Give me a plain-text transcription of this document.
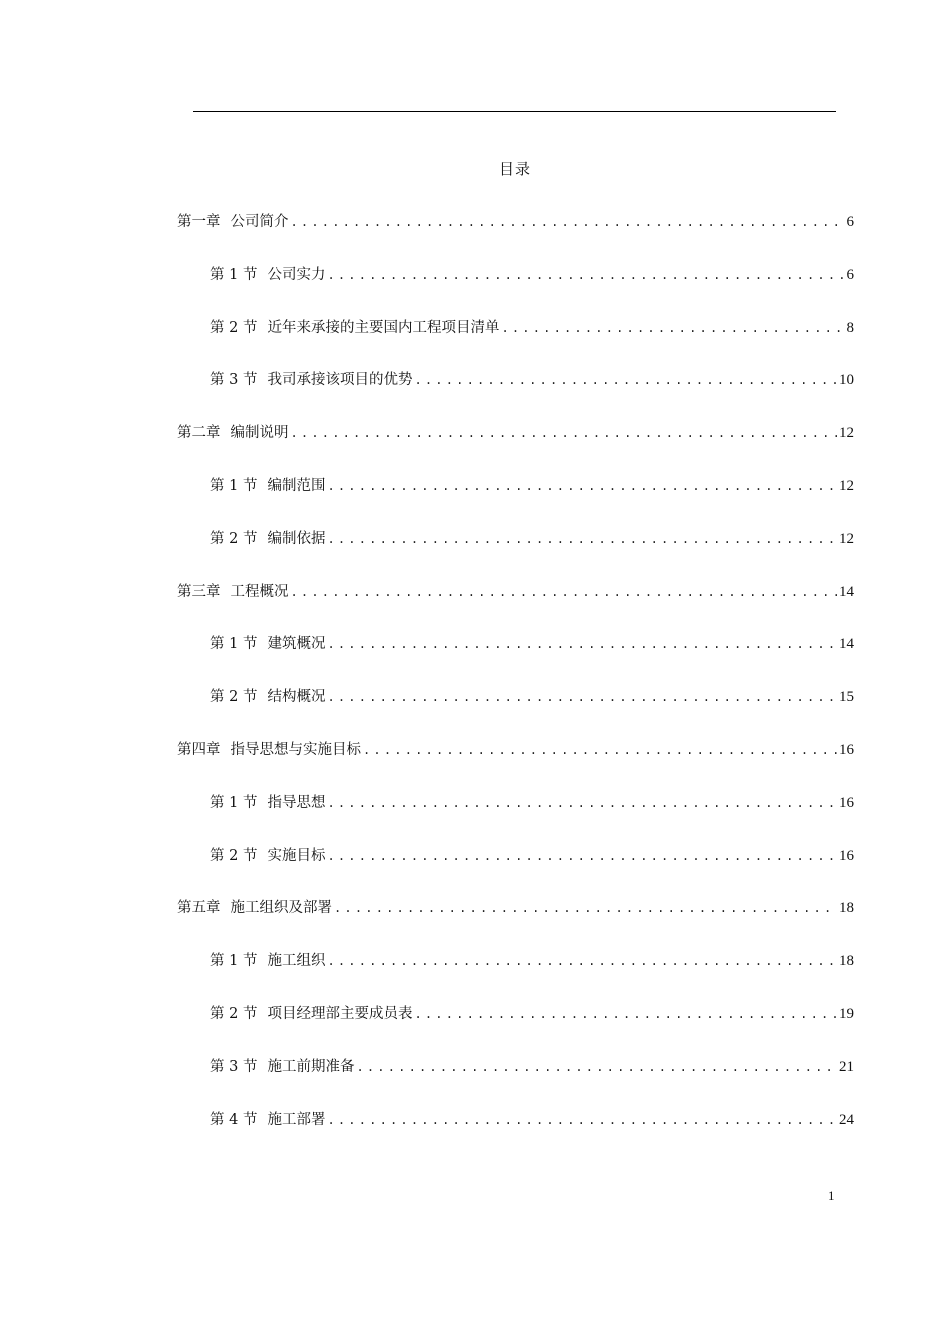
目录
第一章 公司简介 .....	6
第 1 节 公司实力 .....	6
第 2 节 近年来承接的主要国内工程项目清单 .....	8
第 3 节 我司承接该项目的优势 .....	10
第二章 编制说明 .....	12
第 1 节 编制范围 .....	12
第 2 节 编制依据 .....	12
第三章 工程概况 .....	14
第 1 节 建筑概况 .....	14
第 2 节 结构概况 .....	15
第四章 指导思想与实施目标 .....	16
第 1 节 指导思想 .....	16
第 2 节 实施目标 .....	16
第五章 施工组织及部署 .....	18
第 1 节 施工组织 .....	18
第 2 节 项目经理部主要成员表 .....	19
第 3 节 施工前期准备 .....	21
第 4 节 施工部署 .....	24
1
